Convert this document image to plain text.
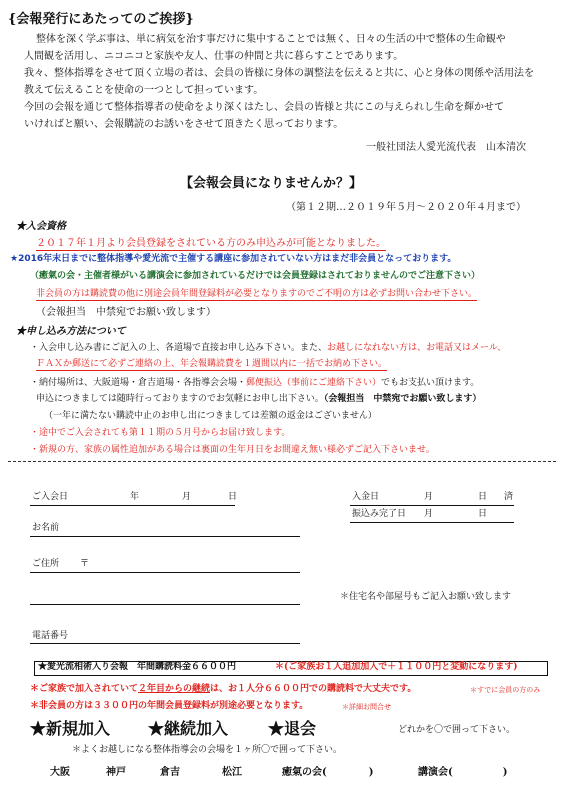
{会報発行にあたってのご挨拶}
整体を深く学ぶ事は、単に病気を治す事だけに集中することでは無く、日々の生活の中で整体の生命観や
人間観を活用し、ニコニコと家族や友人、仕事の仲間と共に暮らすことであります。
我々、整体指導をさせて頂く立場の者は、会員の皆様に身体の調整法を伝えると共に、心と身体の関係や活用法を
教えて伝えることを使命の一つとして担っています。
今回の会報を通じて整体指導者の使命をより深くはたし、会員の皆様と共にこの与えられし生命を輝かせて
いければと願い、会報購読のお誘いをさせて頂きたく思っております。
一般社団法人愛光流代表　山本清次
【会報会員になりませんか？】
（第１２期…２０１９年５月〜２０２０年４月まで）
★入会資格
２０１７年１月より会員登録をされている方のみ申込みが可能となりました。
★2016年末日までに整体指導や愛光流で主催する講座に参加されていない方はまだ非会員となっております。
（癒氣の会・主催者様がいる講演会に参加されているだけでは会員登録はされておりませんのでご注意下さい）
非会員の方は購読費の他に別途会員年間登録料が必要となりますのでご不明の方は必ずお問い合わせ下さい。
（会報担当　中禁宛でお願い致します）
★申し込み方法について
・入会申し込み書にご記入の上、各道場で直接お申し込み下さい。また、お越しになれない方は、お電話又はメール、
ＦＡＸか郵送にて必ずご連絡の上、年会報購読費を１週間以内に一括でお納め下さい。
・納付場所は、大阪道場・倉吉道場・各指導会会場・郵便振込（事前にご連絡下さい）でもお支払い頂けます。
申込につきましては随時行っておりますのでお気軽にお申し出下さい。（会報担当　中禁宛でお願い致します）
（一年に満たない購読中止のお申し出につきましては差額の返金はございません）
・途中でご入会されても第１１期の５月号からお届け致します。
・新規の方、家族の属性追加がある場合は裏面の生年月日をお間違え無い様必ずご記入下さいませ。
ご入会日	年	月	日	入金日	月	日 済
振込み完了日 月	日
お名前
ご住所 〒
＊住宅名や部屋号もご記入お願い致します
電話番号
★愛光流相術入り会報　年間購読料金６６００円	＊(ご家族お１人追加加入で＋１１００円と変動になります)
＊ご家族で加入されていて２年目からの継続は、お１人分６６００円での購読料で大丈夫です。	＊すでに会員の方のみ
＊非会員の方は３３００円の年間会員登録料が別途必要となります。	＊詳細お問合せ
★新規加入 ★継続加入 ★退会	どれかを〇で囲って下さい。
＊よくお越しになる整体指導会の会場を１ヶ所〇で囲って下さい。
大阪	神戸	倉吉	松江	癒氣の会(	)	講演会(	)
